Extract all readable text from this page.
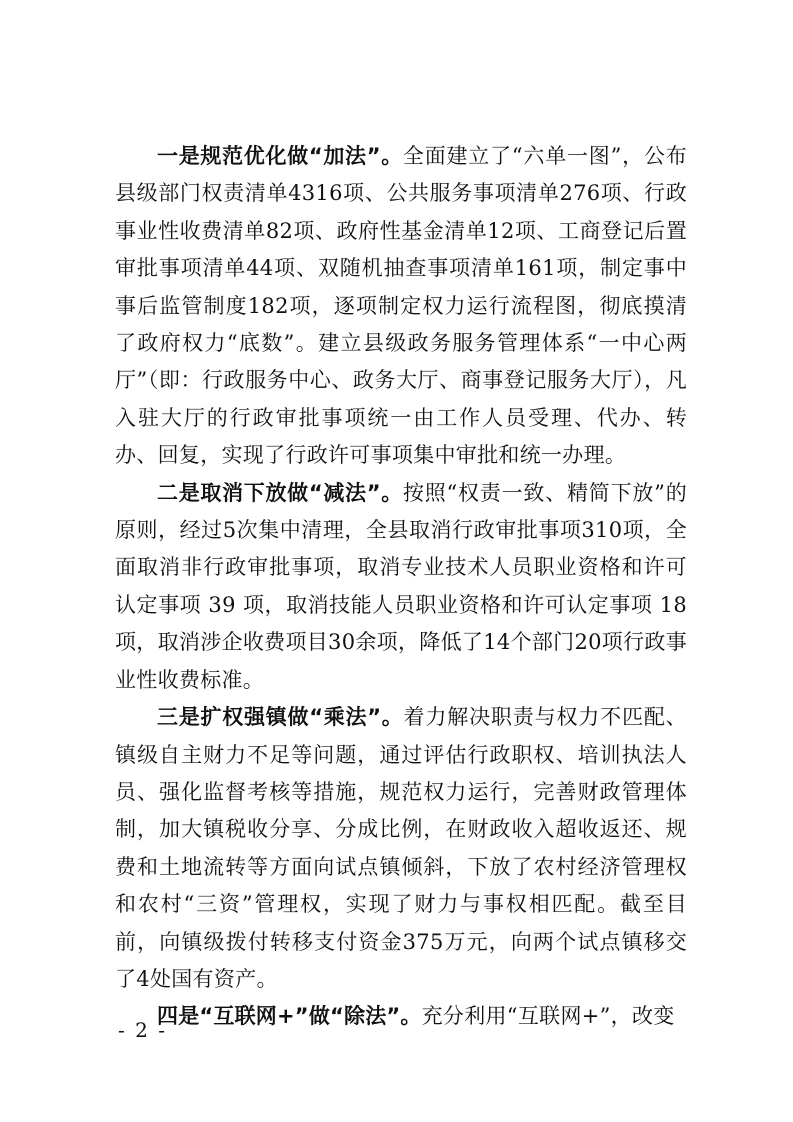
一是规范优化做“加法”。全面建立了“六单一图”，公布县级部门权责清单4316项、公共服务事项清单276项、行政事业性收费清单82项、政府性基金清单12项、工商登记后置审批事项清单44项、双随机抽查事项清单161项，制定事中事后监管制度182项，逐项制定权力运行流程图，彻底摸清了政府权力“底数”。建立县级政务服务管理体系“一中心两厅”（即：行政服务中心、政务大厅、商事登记服务大厅），凡入驻大厅的行政审批事项统一由工作人员受理、代办、转办、回复，实现了行政许可事项集中审批和统一办理。

二是取消下放做“减法”。按照“权责一致、精简下放”的原则，经过5次集中清理，全县取消行政审批事项310项，全面取消非行政审批事项，取消专业技术人员职业资格和许可认定事项 39 项，取消技能人员职业资格和许可认定事项 18项，取消涉企收费项目30余项，降低了14个部门20项行政事业性收费标准。

三是扩权强镇做“乘法”。着力解决职责与权力不匹配、镇级自主财力不足等问题，通过评估行政职权、培训执法人员、强化监督考核等措施，规范权力运行，完善财政管理体制，加大镇税收分享、分成比例，在财政收入超收返还、规费和土地流转等方面向试点镇倾斜，下放了农村经济管理权和农村“三资”管理权，实现了财力与事权相匹配。截至目前，向镇级拨付转移支付资金375万元，向两个试点镇移交了4处国有资产。

四是“互联网+”做“除法”。充分利用“互联网+”，改变

- 2 -
